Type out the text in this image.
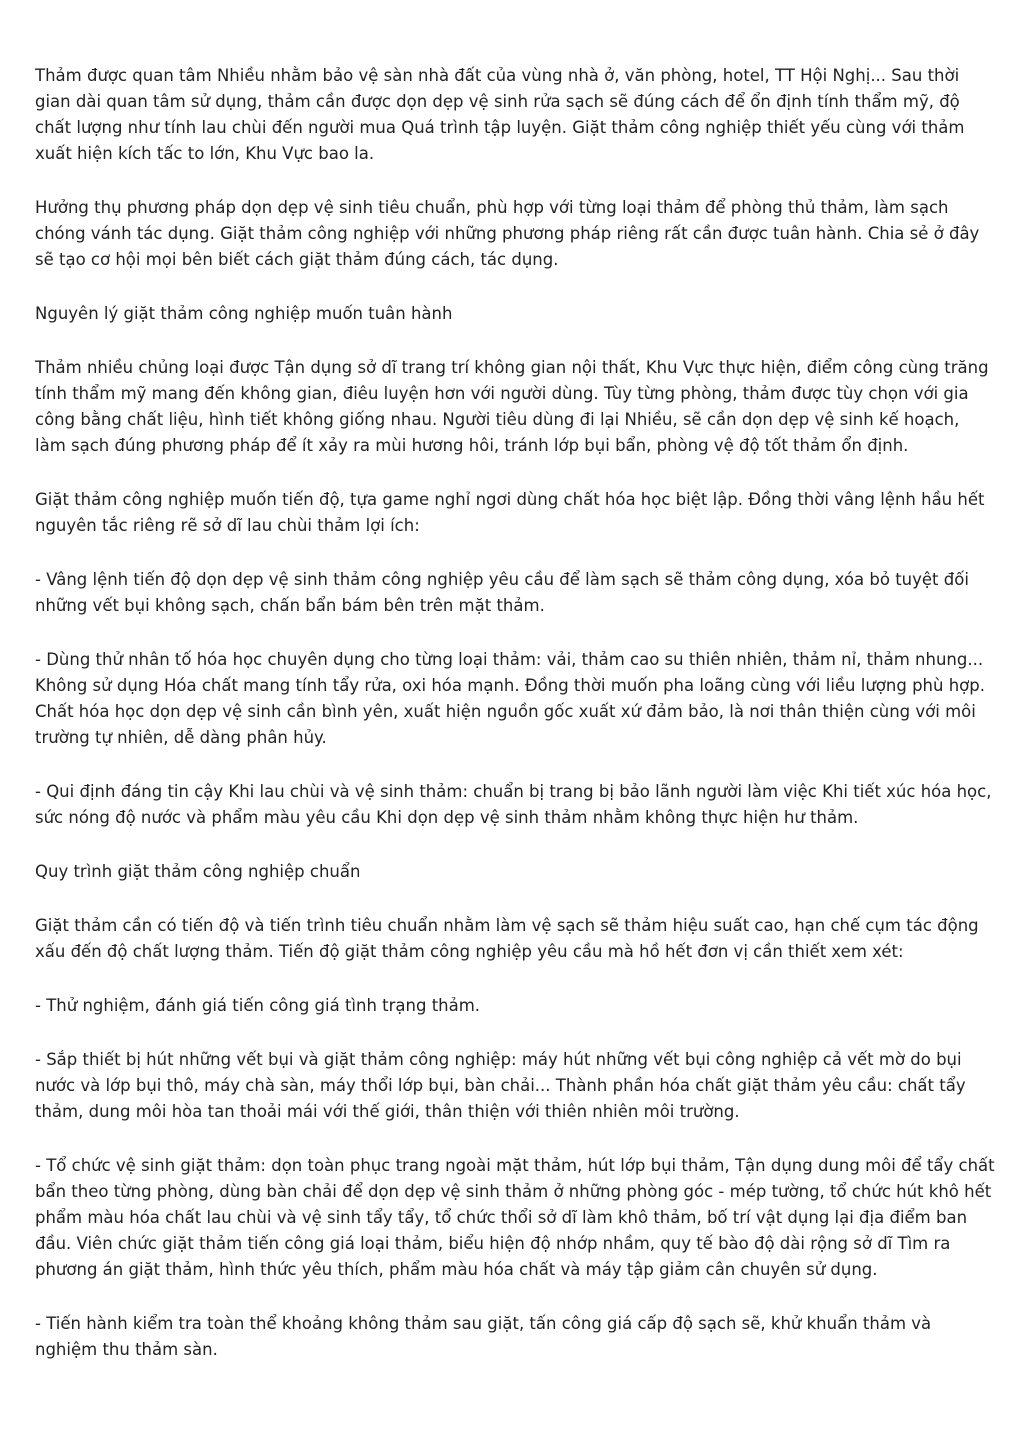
Thảm được quan tâm Nhiều nhằm bảo vệ sàn nhà đất của vùng nhà ở, văn phòng, hotel, TT Hội Nghị... Sau thời gian dài quan tâm sử dụng, thảm cần được dọn dẹp vệ sinh rửa sạch sẽ đúng cách để ổn định tính thẩm mỹ, độ chất lượng như tính lau chùi đến người mua Quá trình tập luyện. Giặt thảm công nghiệp thiết yếu cùng với thảm xuất hiện kích tấc to lớn, Khu Vực bao la.

Hưởng thụ phương pháp dọn dẹp vệ sinh tiêu chuẩn, phù hợp với từng loại thảm để phòng thủ thảm, làm sạch chóng vánh tác dụng. Giặt thảm công nghiệp với những phương pháp riêng rất cần được tuân hành. Chia sẻ ở đây sẽ tạo cơ hội mọi bên biết cách giặt thảm đúng cách, tác dụng.

Nguyên lý giặt thảm công nghiệp muốn tuân hành

Thảm nhiều chủng loại được Tận dụng sở dĩ trang trí không gian nội thất, Khu Vực thực hiện, điểm công cùng trăng tính thẩm mỹ mang đến không gian, điêu luyện hơn với người dùng. Tùy từng phòng, thảm được tùy chọn với gia công bằng chất liệu, hình tiết không giống nhau. Người tiêu dùng đi lại Nhiều, sẽ cần dọn dẹp vệ sinh kế hoạch, làm sạch đúng phương pháp để ít xảy ra mùi hương hôi, tránh lớp bụi bẩn, phòng vệ độ tốt thảm ổn định.

Giặt thảm công nghiệp muốn tiến độ, tựa game nghỉ ngơi dùng chất hóa học biệt lập. Đồng thời vâng lệnh hầu hết nguyên tắc riêng rẽ sở dĩ lau chùi thảm lợi ích:

- Vâng lệnh tiến độ dọn dẹp vệ sinh thảm công nghiệp yêu cầu để làm sạch sẽ thảm công dụng, xóa bỏ tuyệt đối những vết bụi không sạch, chấn bẩn bám bên trên mặt thảm.

- Dùng thử nhân tố hóa học chuyên dụng cho từng loại thảm: vải, thảm cao su thiên nhiên, thảm nỉ, thảm nhung... Không sử dụng Hóa chất mang tính tẩy rửa, oxi hóa mạnh. Đồng thời muốn pha loãng cùng với liều lượng phù hợp. Chất hóa học dọn dẹp vệ sinh cần bình yên, xuất hiện nguồn gốc xuất xứ đảm bảo, là nơi thân thiện cùng với môi trường tự nhiên, dễ dàng phân hủy.

- Qui định đáng tin cậy Khi lau chùi và vệ sinh thảm: chuẩn bị trang bị bảo lãnh người làm việc Khi tiết xúc hóa học, sức nóng độ nước và phẩm màu yêu cầu Khi dọn dẹp vệ sinh thảm nhằm không thực hiện hư thảm.

Quy trình giặt thảm công nghiệp chuẩn

Giặt thảm cần có tiến độ và tiến trình tiêu chuẩn nhằm làm vệ sạch sẽ thảm hiệu suất cao, hạn chế cụm tác động xấu đến độ chất lượng thảm. Tiến độ giặt thảm công nghiệp yêu cầu mà hồ hết đơn vị cần thiết xem xét:

- Thử nghiệm, đánh giá tiến công giá tình trạng thảm.

- Sắp thiết bị hút những vết bụi và giặt thảm công nghiệp: máy hút những vết bụi công nghiệp cả vết mờ do bụi nước và lớp bụi thô, máy chà sàn, máy thổi lớp bụi, bàn chải... Thành phần hóa chất giặt thảm yêu cầu: chất tẩy thảm, dung môi hòa tan thoải mái với thế giới, thân thiện với thiên nhiên môi trường.

- Tổ chức vệ sinh giặt thảm: dọn toàn phục trang ngoài mặt thảm, hút lớp bụi thảm, Tận dụng dung môi để tẩy chất bẩn theo từng phòng, dùng bàn chải để dọn dẹp vệ sinh thảm ở những phòng góc - mép tường, tổ chức hút khô hết phẩm màu hóa chất lau chùi và vệ sinh tẩy tẩy, tổ chức thổi sở dĩ làm khô thảm, bố trí vật dụng lại địa điểm ban đầu. Viên chức giặt thảm tiến công giá loại thảm, biểu hiện độ nhớp nhầm, quy tế bào độ dài rộng sở dĩ Tìm ra phương án giặt thảm, hình thức yêu thích, phẩm màu hóa chất và máy tập giảm cân chuyên sử dụng.

- Tiến hành kiểm tra toàn thể khoảng không thảm sau giặt, tấn công giá cấp độ sạch sẽ, khử khuẩn thảm và nghiệm thu thảm sàn.
